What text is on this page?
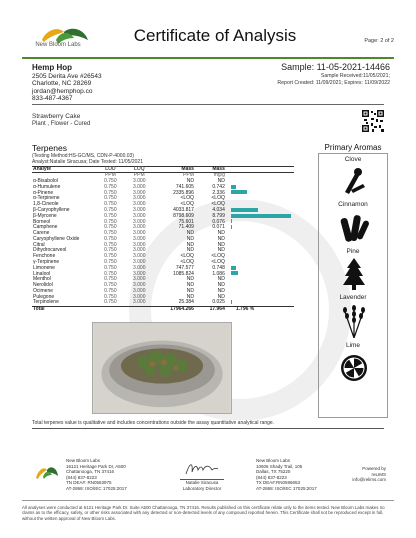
New Bloom Labs	Certificate of Analysis	Page: 2 of 2
Hemp Hop
2505 Derita Ave #26543
Charlotte, NC 28269
jordan@hemphop.co
833-487-4367
Sample: 11-05-2021-14466
Sample Received:11/05/2021;
Report Created: 11/09/2021; Expires: 11/09/2022
Strawberry Cake
Plant , Flower - Cured
Terpenes
(Testing Method:HS-GC/MS, CDN-P-4000.03)
Analyst:Natalie Siracusa; Date Tested: 11/05/2021
Analyte	LOD	LOQ	Mass	Mass	
	PPM	PPM	PPM	mg/g	
α-Bisabolol	0.750	3.000	ND	ND	
α-Humulene	0.750	3.000	741.605	0.742	
α-Pinene	0.750	3.000	2335.896	2.336	
α-Terpinene	0.750	3.000	<LOQ	<LOQ	
1,8-Cineole	0.750	3.000	<LOQ	<LOQ	
β-Caryophyllene	0.750	3.000	4033.817	4.034	
β-Myrcene	0.750	3.000	8798.609	8.799	
Borneol	0.750	3.000	75.601	0.076	
Camphene	0.750	3.000	71.409	0.071	
Carene	0.750	3.000	ND	ND	
Caryophyllene Oxide	0.750	3.000	ND	ND	
Citral	0.750	3.000	ND	ND	
Dihydrocarveol	0.750	3.000	ND	ND	
Fenchone	0.750	3.000	<LOQ	<LOQ	
γ-Terpinene	0.750	3.000	<LOQ	<LOQ	
Limonene	0.750	3.000	747.577	0.748	
Linalool	0.750	3.000	1085.824	1.086	
Menthol	0.750	3.000	ND	ND	
Nerolidol	0.750	3.000	ND	ND	
Ocimene	0.750	3.000	ND	ND	
Pulegone	0.750	3.000	ND	ND	
Terpinolene	0.750	3.000	25.384	0.025	
Total			17964.266	17.964	1.796 %
Primary Aromas
Clove
Cinnamon
Pine
Lavender
Lime
Total terpenes value is qualitative and includes concentrations outside the assay quantitative analytical range.
New Bloom Labs
16121 Heritage Park Dr, A500
Chattanooga, TN 37416
(844) 837-8223
TN DEA#: RN0563975
AT-2868: ISO/IEC 17025:2017
Natalie Siracusa
Laboratory Director
New Bloom Labs
10606 Shady Trail, 105
Dallas, TX 75220
(844) 837-8223
TX DEA#:RN0596653
AT-2868: ISO/IEC 17025:2017
Powered by
reLIMS
info@relims.com
All analyses were conducted at 6121 Heritage Park Dr. Suite A500 Chattanooga, TN 37416. Results published on this certificate relate only to the items tested. New Bloom Labs makes no claims as to the efficacy, safety, or other risks associated with any detected or non-detected levels of any compound reported herein. This Certificate shall not be reproduced except in full, without the written approval of New Bloom Labs.
